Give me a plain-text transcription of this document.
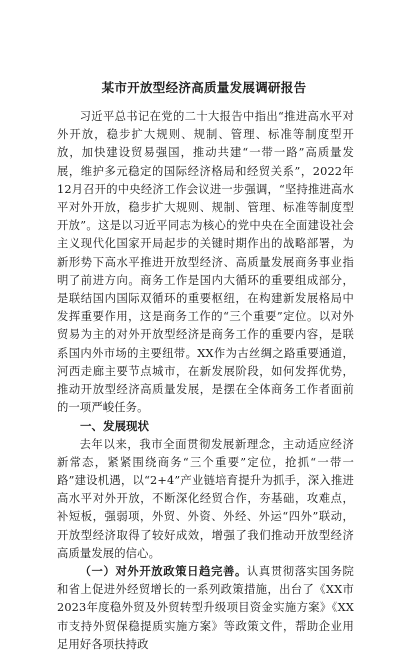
某市开放型经济高质量发展调研报告

习近平总书记在党的二十大报告中指出“推进高水平对外开放，稳步扩大规则、规制、管理、标准等制度型开放，加快建设贸易强国，推动共建“一带一路”高质量发展，维护多元稳定的国际经济格局和经贸关系”，2022年12月召开的中央经济工作会议进一步强调，“坚持推进高水平对外开放，稳步扩大规则、规制、管理、标准等制度型开放”。这是以习近平同志为核心的党中央在全面建设社会主义现代化国家开局起步的关键时期作出的战略部署，为新形势下高水平推进开放型经济、高质量发展商务事业指明了前进方向。商务工作是国内大循环的重要组成部分，是联结国内国际双循环的重要枢纽，在构建新发展格局中发挥重要作用，这是商务工作的“三个重要”定位。以对外贸易为主的对外开放型经济是商务工作的重要内容，是联系国内外市场的主要纽带。XX作为古丝绸之路重要通道，河西走廊主要节点城市，在新发展阶段，如何发挥优势，推动开放型经济高质量发展，是摆在全体商务工作者面前的一项严峻任务。

一、发展现状

去年以来，我市全面贯彻发展新理念，主动适应经济新常态，紧紧围绕商务“三个重要”定位，抢抓“一带一路”建设机遇，以“2+4”产业链培育提升为抓手，深入推进高水平对外开放，不断深化经贸合作，夯基础，攻难点，补短板，强弱项，外贸、外资、外经、外运“四外”联动，开放型经济取得了较好成效，增强了我们推动开放型经济高质量发展的信心。

（一）对外开放政策日趋完善。认真贯彻落实国务院和省上促进外经贸增长的一系列政策措施，出台了《XX市2023年度稳外贸及外贸转型升级项目资金实施方案》《XX市支持外贸保稳提质实施方案》等政策文件，帮助企业用足用好各项扶持政
